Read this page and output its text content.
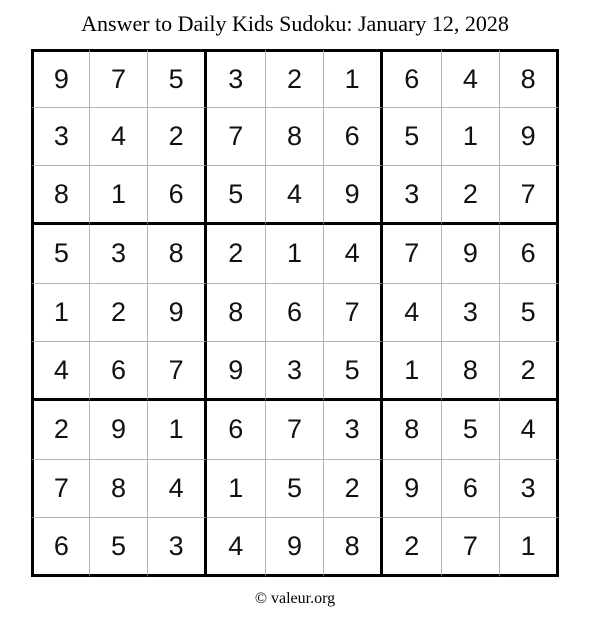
Answer to Daily Kids Sudoku: January 12, 2028
9	7	5	3	2	1	6	4	8
3	4	2	7	8	6	5	1	9
8	1	6	5	4	9	3	2	7
5	3	8	2	1	4	7	9	6
1	2	9	8	6	7	4	3	5
4	6	7	9	3	5	1	8	2
2	9	1	6	7	3	8	5	4
7	8	4	1	5	2	9	6	3
6	5	3	4	9	8	2	7	1
© valeur.org
